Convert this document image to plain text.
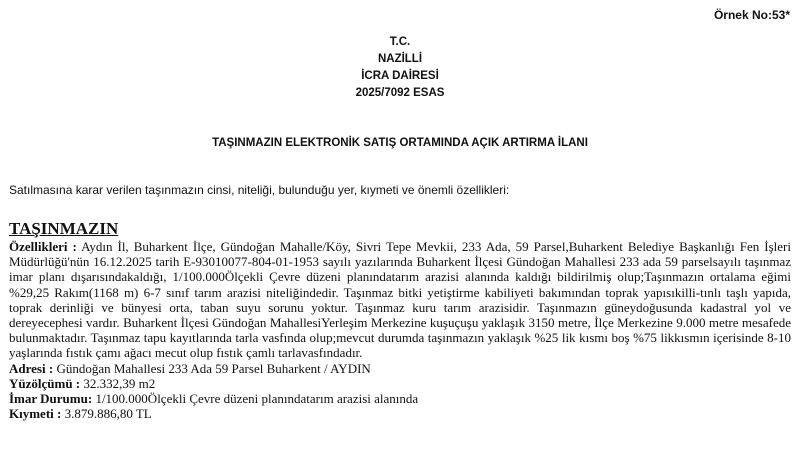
Örnek No:53*
T.C.
NAZİLLİ
İCRA DAİRESİ
2025/7092 ESAS
TAŞINMAZIN ELEKTRONİK SATIŞ ORTAMINDA AÇIK ARTIRMA İLANI
Satılmasına karar verilen taşınmazın cinsi, niteliği, bulunduğu yer, kıymeti ve önemli özellikleri:
TAŞINMAZIN

Özellikleri : Aydın İl, Buharkent İlçe, Gündoğan Mahalle/Köy, Sivri Tepe Mevkii, 233 Ada, 59 Parsel,Buharkent Belediye Başkanlığı Fen İşleri Müdürlüğü'nün 16.12.2025 tarih E-93010077-804-01-1953 sayılı yazılarında Buharkent İlçesi Gündoğan Mahallesi 233 ada 59 parselsayılı taşınmaz imar planı dışarısındakaldığı, 1/100.000Ölçekli Çevre düzeni planındatarım arazisi alanında kaldığı bildirilmiş olup;Taşınmazın ortalama eğimi %29,25 Rakım(1168 m) 6-7 sınıf tarım arazisi niteliğindedir. Taşınmaz bitki yetiştirme kabiliyeti bakımından toprak yapısıkilli-tınlı taşlı yapıda, toprak derinliği ve bünyesi orta, taban suyu sorunu yoktur. Taşınmaz kuru tarım arazisidir. Taşınmazın güneydoğusunda kadastral yol ve dereyecephesi vardır. Buharkent İlçesi Gündoğan MahallesiYerleşim Merkezine kuşuçuşu yaklaşık 3150 metre, İlçe Merkezine 9.000 metre mesafede bulunmaktadır. Taşınmaz tapu kayıtlarında tarla vasfında olup;mevcut durumda taşınmazın yaklaşık %25 lik kısmı boş %75 likkısmın içerisinde 8-10 yaşlarında fıstık çamı ağacı mecut olup fıstık çamlı tarlavasfındadır.

Adresi : Gündoğan Mahallesi 233 Ada 59 Parsel Buharkent / AYDIN

Yüzölçümü : 32.332,39 m2

İmar Durumu: 1/100.000Ölçekli Çevre düzeni planındatarım arazisi alanında

Kıymeti : 3.879.886,80 TL
